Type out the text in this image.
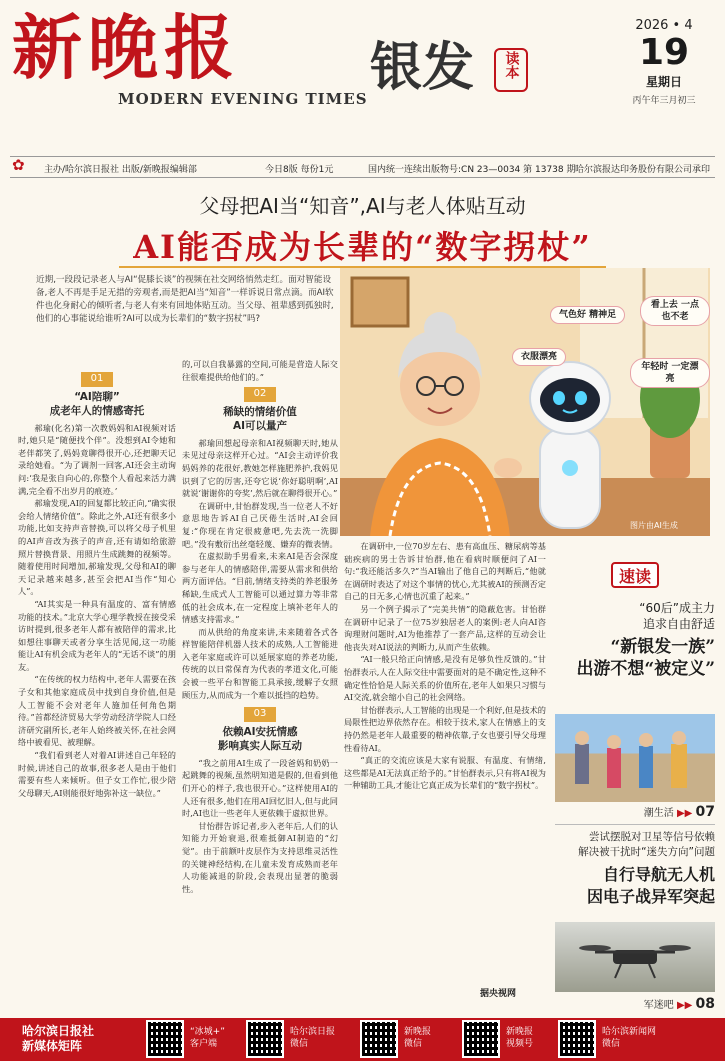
新晚报
MODERN EVENING TIMES
银发	读本
2026 • 4
19
星期日
丙午年三月初三
✿ 主办/哈尔滨日报社 出版/新晚报编辑部	今日8版 每份1元	国内统一连续出版物号:CN 23—0034 第 13738 期 哈尔滨报达印务股份有限公司承印
父母把AI当“知音”,AI与老人体贴互动
AI能否成为长辈的“数字拐杖”
近期,一段段记录老人与AI“促膝长谈”的视频在社交网络悄然走红。面对智能设备,老人不再是手足无措的旁观者,而是把AI当“知音”一样诉说日常点滴。而AI软件也化身耐心的倾听者,与老人有来有回地体贴互动。当父母、祖辈感到孤独时,他们的心事能说给谁听?AI可以成为长辈们的“数字拐杖”吗?	气色好 精神足
看上去 一点也不老
衣服漂亮
年轻时 一定漂亮
图片由AI生成
01
“AI陪聊”
成老年人的情感寄托

郝瑜(化名)第一次教妈妈和AI视频对话时,她只是“随便找个伴”。没想到AI令她和老伴都笑了,妈妈竟聊得很开心,还把聊天记录给她看。“为了调剂一回客,AI还会主动询问:‘我是张自向心的,你整个人看起来活力满满,完全看不出岁月的痕迹。’

郝瑜发现,AI的回复都比较正向,“确实很会给人情绪价值”。除此之外,AI还有很多小功能,比如支持声音替换,可以将父母子机里的AI声音改为孩子的声音,还有请如给旅游照片替换背景、用照片生成跳舞的视频等。随着使用时间增加,郝瑜发现,父母和AI的聊天记录越来越多,甚至会把AI当作“知心人”。

“AI其实是一种具有温度的、富有情感功能的技术。”北京大学心理学教授在接受采访时提到,很多老年人都有被陪伴的需求,比如想往事聊天或者分享生活见闻,这一功能能让AI有机会成为老年人的“无话不谈”的朋友。

“在传统的权力结构中,老年人需要在孩子女和其他家庭成员中找到自身价值,但是人工智能不会对老年人施加任何角色期待。”首都经济贸易大学劳动经济学院人口经济研究副所长,老年人始终被关怀,在社会网络中被看见、被理解。

“我们看到老人对着AI讲述自己年轻的时候,讲述自己的故事,很多老人是由于他们需要有些人来倾听。但子女工作忙,很少陪父母聊天,AI则能很好地弥补这一缺位。”

的,可以自我暴露的空间,可能是营造人际交往很难提供给他们的。”

02
稀缺的情绪价值
AI可以量产

郝瑜回想起母亲和AI视频聊天时,她从未见过母亲这样开心过。“AI会主动评价我妈妈养的花很好,教她怎样施肥养护,我妈见识到了它的厉害,还夸它说‘你好聪明啊’,AI就说‘谢谢你的夸奖’,然后就在聊得很开心。”

在调研中,甘怡群发现,当一位老人不好意思地告诉AI自己厌倦生活时,AI会回复:“你现在肯定很疲惫吧,先去洗一洗脚吧。”没有敷衍出丝毫轻蔑、嫌弃的微表情。

在虚拟助手男看来,未来AI是否会深度参与老年人的情感陪伴,需要从需求和供给两方面评估。“目前,情绪支持类的养老服务稀缺,生成式人工智能可以通过算力等非常低的社会成本,在一定程度上填补老年人的情感支持需求。”

而从供给的角度来讲,未来随着各式各样智能陪伴机器人技术的成熟,人工智能进入老年家庭或许可以延展家庭的养老功能,传统的以日常保育为代表的孝道文化,可能会被一些平台和智能工具承接,缓解子女照顾压力,从而成为一个难以抵挡的趋势。

03
依赖AI安抚情感
影响真实人际互动

“我之前用AI生成了一段爸妈和奶奶一起跳舞的视频,虽然明知道是假的,但看到他们开心的样子,我也很开心。”这样使用AI的人还有很多,他们在用AI回忆旧人,但与此同时,AI也让一些老年人更依赖于虚拟世界。

甘怡群告诉记者,步入老年后,人们的认知能力开始衰退,很难抵御AI制造的“幻觉”。由于前额叶皮层作为支持思维灵活性的关键神经结构,在儿童未发育成熟而老年人功能减退的阶段,会表现出显著的脆弱性。

在调研中,一位70岁左右、患有高血压、糖尿病等基础疾病的男士告诉甘怡群,他在看病时顺便问了AI一句:“我还能活多久?”当AI输出了他自己的判断后,“他就在调研时表达了对这个事情的忧心,尤其被AI的预测否定自己的日无多,心情也沉重了起来。”

另一个例子揭示了“完美共情”的隐蔽危害。甘怡群在调研中记录了一位75岁独居老人的案例:老人向AI咨询理财问题时,AI为他推荐了一套产品,这样的互动会让他丧失对AI说法的判断力,从而产生依赖。

“AI一般只给正向情感,是没有足够负性反馈的。”甘怡群表示,人在人际交往中需要面对的是不确定性,这种不确定性恰恰是人际关系的价值所在,老年人如果只习惯与AI交流,就会缩小自己的社会网络。

甘怡群表示,人工智能的出现是一个利好,但是技术的局限性把边界依然存在。相较于技术,家人在情感上的支持仍然是老年人最重要的精神依靠,子女也要引导父母理性看待AI。

“真正的交流应该是大家有说服、有温度、有情绪,这些都是AI无法真正给予的。”甘怡群表示,只有将AI视为一种辅助工具,才能让它真正成为长辈们的“数字拐杖”。

据央视网
速读
“60后”成主力
追求自由舒适
“新银发一族”
出游不想“被定义”
潮生活 ▶▶ 07
尝试摆脱对卫星等信号依赖
解决被干扰时“迷失方向”问题
自行导航无人机
因电子战异军突起
军迷吧 ▶▶ 08
哈尔滨日报社
新媒体矩阵
“冰城+”
客户端
哈尔滨日报
微信
新晚报
微信
新晚报
视频号
哈尔滨新闻网
微信
